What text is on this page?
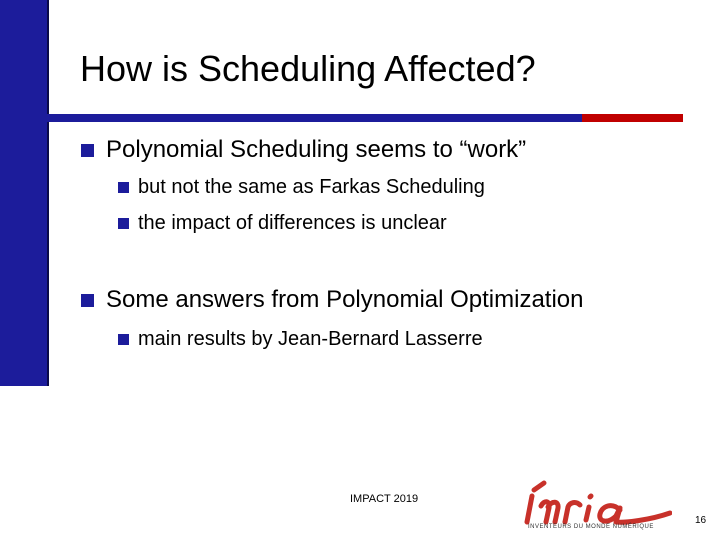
How is Scheduling Affected?
Polynomial Scheduling seems to “work”
but not the same as Farkas Scheduling
the impact of differences is unclear
Some answers from Polynomial Optimization
main results by Jean-Bernard Lasserre
IMPACT 2019
INVENTEURS DU MONDE NUMÉRIQUE
16
